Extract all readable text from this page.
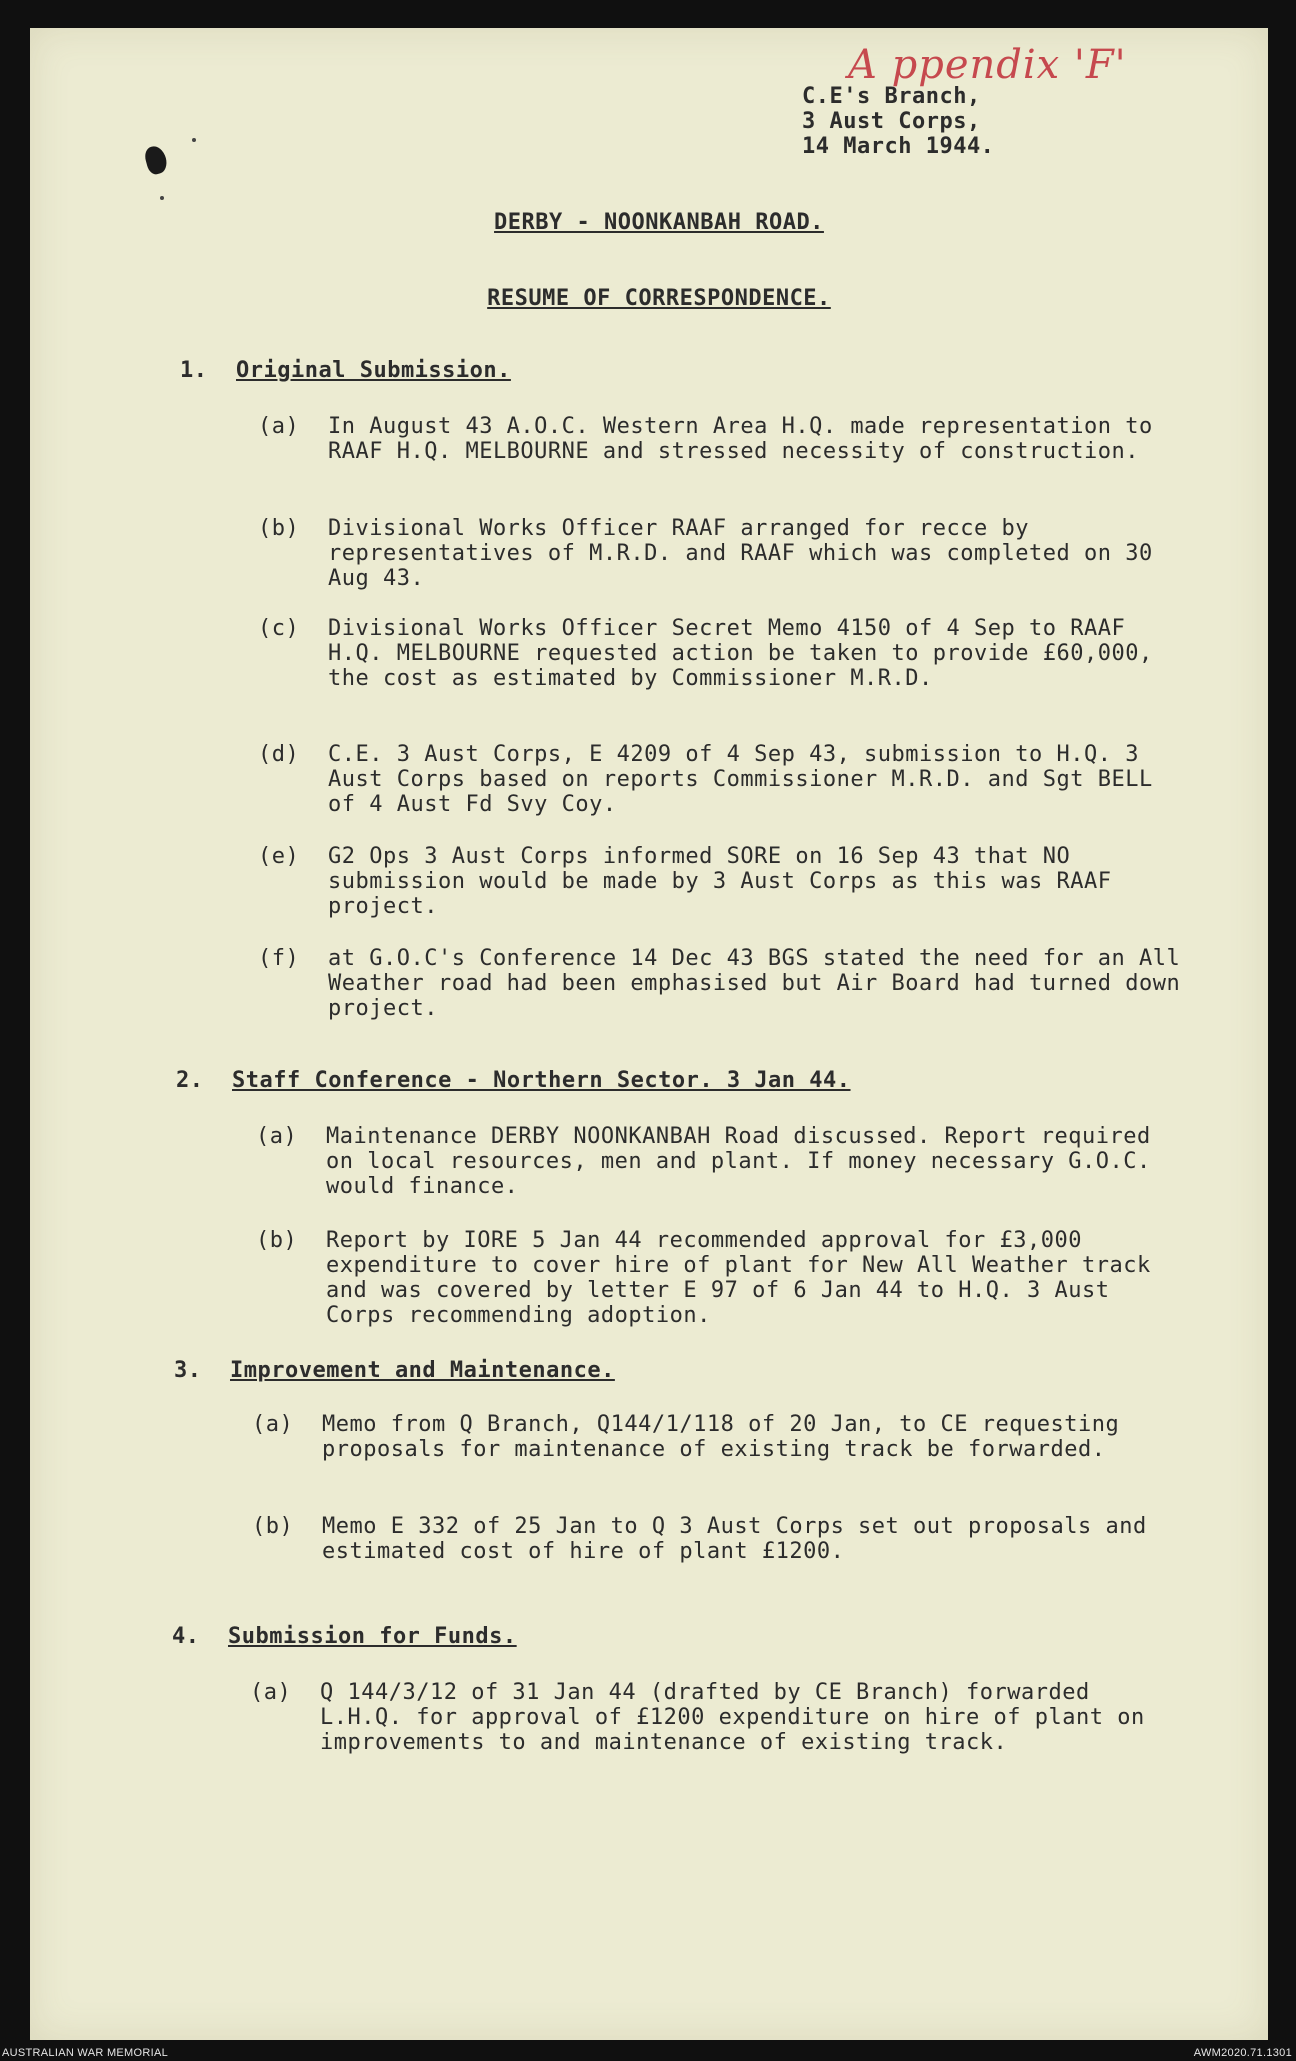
A ppendix 'F'
C.E's Branch,
3 Aust Corps,
14 March 1944.
DERBY - NOONKANBAH ROAD.
RESUME OF CORRESPONDENCE.
1. Original Submission.
(a) In August 43 A.O.C. Western Area H.Q. made representation to RAAF H.Q. MELBOURNE and stressed necessity of construction.
(b) Divisional Works Officer RAAF arranged for recce by representatives of M.R.D. and RAAF which was completed on 30 Aug 43.
(c) Divisional Works Officer Secret Memo 4150 of 4 Sep to RAAF H.Q. MELBOURNE requested action be taken to provide £60,000, the cost as estimated by Commissioner M.R.D.
(d) C.E. 3 Aust Corps, E 4209 of 4 Sep 43, submission to H.Q. 3 Aust Corps based on reports Commissioner M.R.D. and Sgt BELL of 4 Aust Fd Svy Coy.
(e) G2 Ops 3 Aust Corps informed SORE on 16 Sep 43 that NO submission would be made by 3 Aust Corps as this was RAAF project.
(f) at G.O.C's Conference 14 Dec 43 BGS stated the need for an All Weather road had been emphasised but Air Board had turned down project.
2. Staff Conference - Northern Sector. 3 Jan 44.
(a) Maintenance DERBY NOONKANBAH Road discussed. Report required on local resources, men and plant. If money necessary G.O.C. would finance.
(b) Report by IORE 5 Jan 44 recommended approval for £3,000 expenditure to cover hire of plant for New All Weather track and was covered by letter E 97 of 6 Jan 44 to H.Q. 3 Aust Corps recommending adoption.
3. Improvement and Maintenance.
(a) Memo from Q Branch, Q144/1/118 of 20 Jan, to CE requesting proposals for maintenance of existing track be forwarded.
(b) Memo E 332 of 25 Jan to Q 3 Aust Corps set out proposals and estimated cost of hire of plant £1200.
4. Submission for Funds.
(a) Q 144/3/12 of 31 Jan 44 (drafted by CE Branch) forwarded L.H.Q. for approval of £1200 expenditure on hire of plant on improvements to and maintenance of existing track.
AUSTRALIAN WAR MEMORIAL	AWM2020.71.1301
